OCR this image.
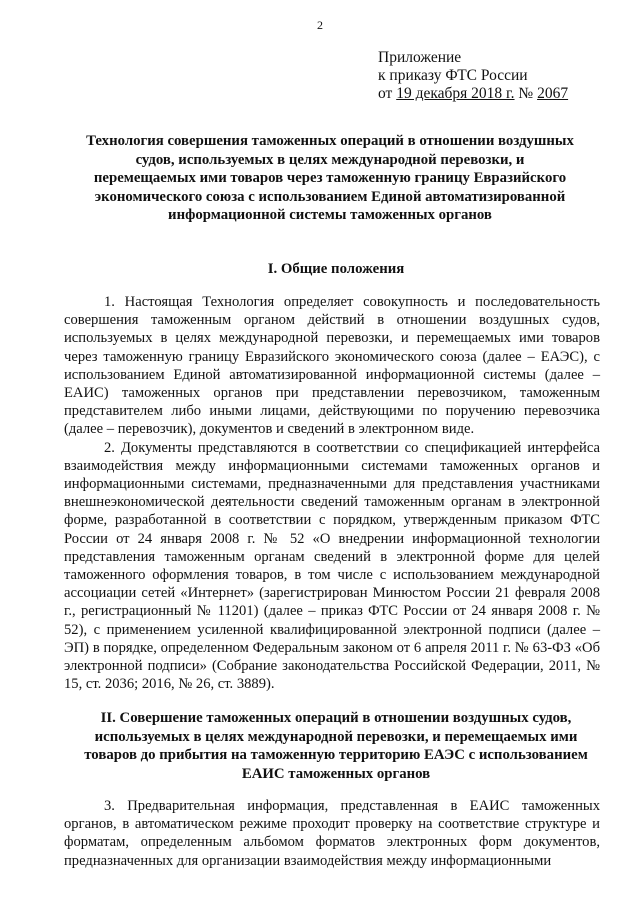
2
Приложение
к приказу ФТС России
от 19 декабря 2018 г. № 2067
Технология совершения таможенных операций в отношении воздушных судов, используемых в целях международной перевозки, и перемещаемых ими товаров через таможенную границу Евразийского экономического союза с использованием Единой автоматизированной информационной системы таможенных органов
I. Общие положения

1. Настоящая Технология определяет совокупность и последовательность совершения таможенным органом действий в отношении воздушных судов, используемых в целях международной перевозки, и перемещаемых ими товаров через таможенную границу Евразийского экономического союза (далее – ЕАЭС), с использованием Единой автоматизированной информационной системы (далее – ЕАИС) таможенных органов при представлении перевозчиком, таможенным представителем либо иными лицами, действующими по поручению перевозчика (далее – перевозчик), документов и сведений в электронном виде.

2. Документы представляются в соответствии со спецификацией интерфейса взаимодействия между информационными системами таможенных органов и информационными системами, предназначенными для представления участниками внешнеэкономической деятельности сведений таможенным органам в электронной форме, разработанной в соответствии с порядком, утвержденным приказом ФТС России от 24 января 2008 г. № 52 «О внедрении информационной технологии представления таможенным органам сведений в электронной форме для целей таможенного оформления товаров, в том числе с использованием международной ассоциации сетей «Интернет» (зарегистрирован Минюстом России 21 февраля 2008 г., регистрационный № 11201) (далее – приказ ФТС России от 24 января 2008 г. № 52), с применением усиленной квалифицированной электронной подписи (далее – ЭП) в порядке, определенном Федеральным законом от 6 апреля 2011 г. № 63-ФЗ «Об электронной подписи» (Собрание законодательства Российской Федерации, 2011, № 15, ст. 2036; 2016, № 26, ст. 3889).

II. Совершение таможенных операций в отношении воздушных судов, используемых в целях международной перевозки, и перемещаемых ими товаров до прибытия на таможенную территорию ЕАЭС с использованием ЕАИС таможенных органов

3. Предварительная информация, представленная в ЕАИС таможенных органов, в автоматическом режиме проходит проверку на соответствие структуре и форматам, определенным альбомом форматов электронных форм документов, предназначенных для организации взаимодействия между информационными
